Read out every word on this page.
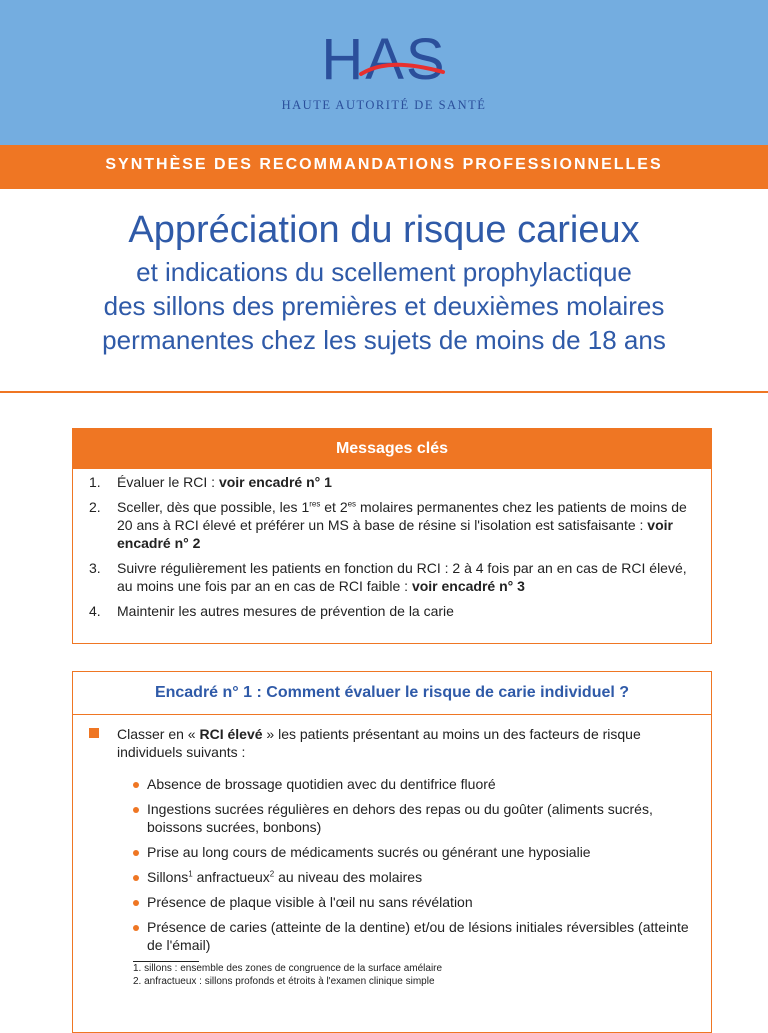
HAS
HAUTE AUTORITÉ DE SANTÉ
SYNTHÈSE DES RECOMMANDATIONS PROFESSIONNELLES
Appréciation du risque carieux
et indications du scellement prophylactique
des sillons des premières et deuxièmes molaires
permanentes chez les sujets de moins de 18 ans
Messages clés
1. Évaluer le RCI : voir encadré n° 1
2. Sceller, dès que possible, les 1res et $2^{es}$ molaires permanentes chez les patients de moins de 20 ans à RCI élevé et préférer un MS à base de résine si l'isolation est satisfaisante : voir encadré n° 2
3. Suivre régulièrement les patients en fonction du RCI : 2 à 4 fois par an en cas de RCI élevé, au moins une fois par an en cas de RCI faible : voir encadré n° 3
4. Maintenir les autres mesures de prévention de la carie
Encadré n° 1 : Comment évaluer le risque de carie individuel ?
Classer en « RCI élevé » les patients présentant au moins un des facteurs de risque individuels suivants :
Absence de brossage quotidien avec du dentifrice fluoré
Ingestions sucrées régulières en dehors des repas ou du goûter (aliments sucrés, boissons sucrées, bonbons)
Prise au long cours de médicaments sucrés ou générant une hyposialie
Sillons$^1$ anfractueux$^2$ au niveau des molaires
Présence de plaque visible à l'œil nu sans révélation
Présence de caries (atteinte de la dentine) et/ou de lésions initiales réversibles (atteinte de l'émail)
1. sillons : ensemble des zones de congruence de la surface amélaire
2. anfractueux : sillons profonds et étroits à l'examen clinique simple
